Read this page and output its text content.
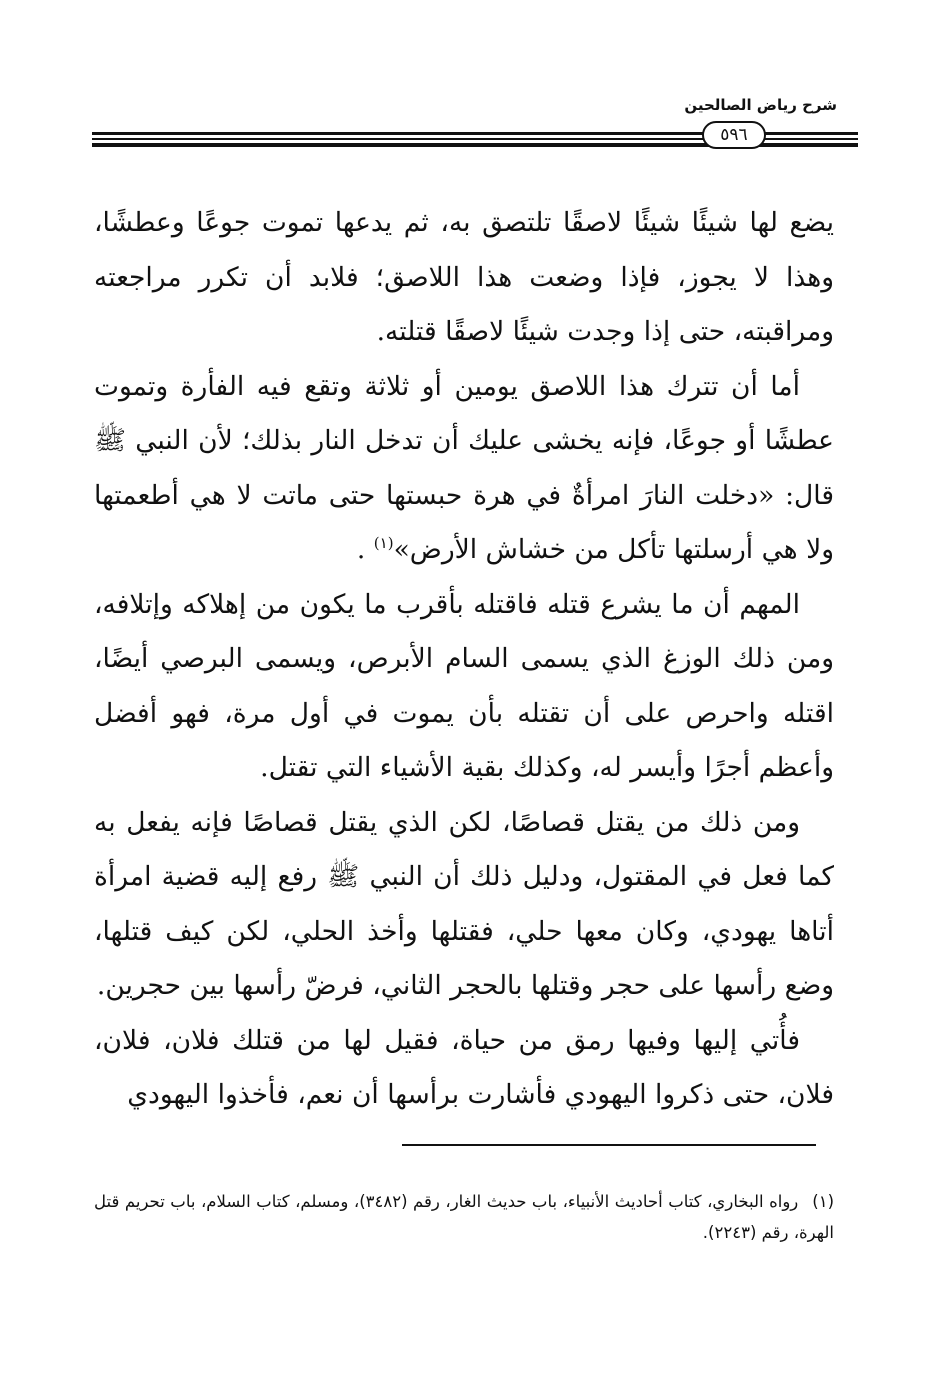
شرح رياض الصالحين
٥٩٦

يضع لها شيئًا شيئًا لاصقًا تلتصق به، ثم يدعها تموت جوعًا وعطشًا، وهذا لا يجوز، فإذا وضعت هذا اللاصق؛ فلابد أن تكرر مراجعته ومراقبته، حتى إذا وجدت شيئًا لاصقًا قتلته.

أما أن تترك هذا اللاصق يومين أو ثلاثة وتقع فيه الفأرة وتموت عطشًا أو جوعًا، فإنه يخشى عليك أن تدخل النار بذلك؛ لأن النبي ﷺ قال: «دخلت النارَ امرأةٌ في هرة حبستها حتى ماتت لا هي أطعمتها ولا هي أرسلتها تأكل من خشاش الأرض»$^{(١)}$ .

المهم أن ما يشرع قتله فاقتله بأقرب ما يكون من إهلاكه وإتلافه، ومن ذلك الوزغ الذي يسمى السام الأبرص، ويسمى البرصي أيضًا، اقتله واحرص على أن تقتله بأن يموت في أول مرة، فهو أفضل وأعظم أجرًا وأيسر له، وكذلك بقية الأشياء التي تقتل.

ومن ذلك من يقتل قصاصًا، لكن الذي يقتل قصاصًا فإنه يفعل به كما فعل في المقتول، ودليل ذلك أن النبي ﷺ رفع إليه قضية امرأة أتاها يهودي، وكان معها حلي، فقتلها وأخذ الحلي، لكن كيف قتلها، وضع رأسها على حجر وقتلها بالحجر الثاني، فرضّ رأسها بين حجرين.

فأُتي إليها وفيها رمق من حياة، فقيل لها من قتلك فلان، فلان، فلان، حتى ذكروا اليهودي فأشارت برأسها أن نعم، فأخذوا اليهودي

(١)رواه البخاري، كتاب أحاديث الأنبياء، باب حديث الغار، رقم (٣٤٨٢)، ومسلم، كتاب السلام، باب تحريم قتل الهرة، رقم (٢٢٤٣).
